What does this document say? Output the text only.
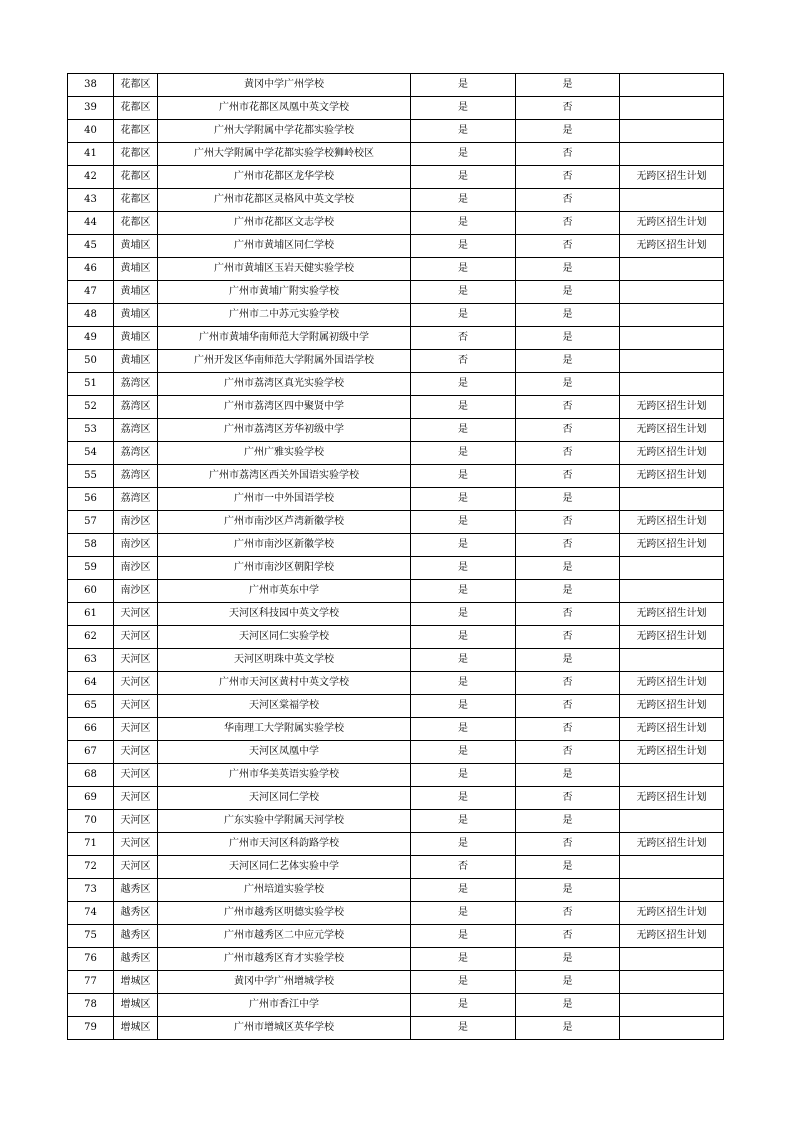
38	花都区	黄冈中学广州学校	是	是	
39	花都区	广州市花都区凤凰中英文学校	是	否	
40	花都区	广州大学附属中学花都实验学校	是	是	
41	花都区	广州大学附属中学花都实验学校狮岭校区	是	否	
42	花都区	广州市花都区龙华学校	是	否	无跨区招生计划
43	花都区	广州市花都区灵格风中英文学校	是	否	
44	花都区	广州市花都区文志学校	是	否	无跨区招生计划
45	黄埔区	广州市黄埔区同仁学校	是	否	无跨区招生计划
46	黄埔区	广州市黄埔区玉岩天健实验学校	是	是	
47	黄埔区	广州市黄埔广附实验学校	是	是	
48	黄埔区	广州市二中苏元实验学校	是	是	
49	黄埔区	广州市黄埔华南师范大学附属初级中学	否	是	
50	黄埔区	广州开发区华南师范大学附属外国语学校	否	是	
51	荔湾区	广州市荔湾区真光实验学校	是	是	
52	荔湾区	广州市荔湾区四中聚贤中学	是	否	无跨区招生计划
53	荔湾区	广州市荔湾区芳华初级中学	是	否	无跨区招生计划
54	荔湾区	广州广雅实验学校	是	否	无跨区招生计划
55	荔湾区	广州市荔湾区西关外国语实验学校	是	否	无跨区招生计划
56	荔湾区	广州市一中外国语学校	是	是	
57	南沙区	广州市南沙区芦湾新徽学校	是	否	无跨区招生计划
58	南沙区	广州市南沙区新徽学校	是	否	无跨区招生计划
59	南沙区	广州市南沙区朝阳学校	是	是	
60	南沙区	广州市英东中学	是	是	
61	天河区	天河区科技园中英文学校	是	否	无跨区招生计划
62	天河区	天河区同仁实验学校	是	否	无跨区招生计划
63	天河区	天河区明珠中英文学校	是	是	
64	天河区	广州市天河区黄村中英文学校	是	否	无跨区招生计划
65	天河区	天河区棠福学校	是	否	无跨区招生计划
66	天河区	华南理工大学附属实验学校	是	否	无跨区招生计划
67	天河区	天河区凤凰中学	是	否	无跨区招生计划
68	天河区	广州市华美英语实验学校	是	是	
69	天河区	天河区同仁学校	是	否	无跨区招生计划
70	天河区	广东实验中学附属天河学校	是	是	
71	天河区	广州市天河区科韵路学校	是	否	无跨区招生计划
72	天河区	天河区同仁艺体实验中学	否	是	
73	越秀区	广州培道实验学校	是	是	
74	越秀区	广州市越秀区明德实验学校	是	否	无跨区招生计划
75	越秀区	广州市越秀区二中应元学校	是	否	无跨区招生计划
76	越秀区	广州市越秀区育才实验学校	是	是	
77	增城区	黄冈中学广州增城学校	是	是	
78	增城区	广州市香江中学	是	是	
79	增城区	广州市增城区英华学校	是	是	
